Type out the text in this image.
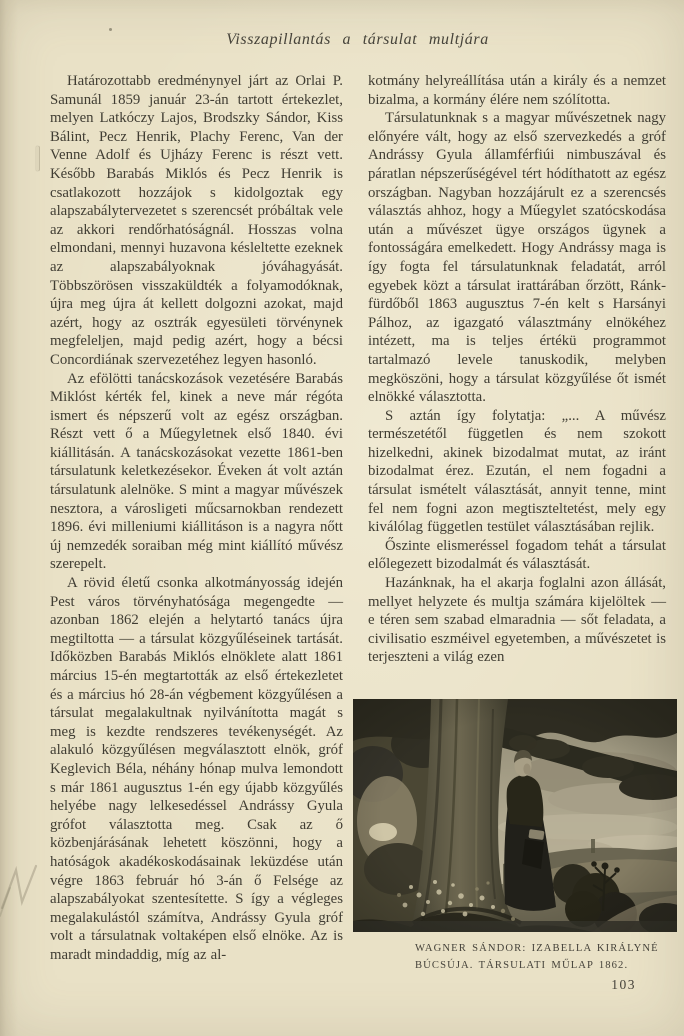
Visszapillantás a társulat multjára

Határozottabb eredménynyel járt az Orlai P. Samunál 1859 január 23-án tartott értekezlet, melyen Latkóczy Lajos, Brodszky Sándor, Kiss Bálint, Pecz Henrik, Plachy Ferenc, Van der Venne Adolf és Ujházy Ferenc is részt vett. Később Barabás Miklós és Pecz Henrik is csatlakozott hozzájok s kidolgoztak egy alapszabálytervezetet s szerencsét próbáltak vele az akkori rendőrhatóságnál. Hosszas volna elmondani, mennyi huzavona késleltette ezeknek az alapszabályoknak jóváhagyását. Többszörösen visszaküldték a folyamodóknak, újra meg újra át kellett dolgozni azokat, majd azért, hogy az osztrák egyesületi törvénynek megfeleljen, majd pedig azért, hogy a bécsi Concordiának szervezetéhez legyen hasonló.

Az efölötti tanácskozások vezetésére Barabás Miklóst kérték fel, kinek a neve már régóta ismert és népszerű volt az egész országban. Részt vett ő a Műegyletnek első 1840. évi kiállitásán. A tanácskozásokat vezette 1861-ben társulatunk keletkezésekor. Éveken át volt aztán társulatunk alelnöke. S mint a magyar művészek nesztora, a városligeti műcsarnokban rendezett 1896. évi milleniumi kiállitáson is a nagyra nőtt új nemzedék soraiban még mint kiállító művész szerepelt.

A rövid életű csonka alkotmányosság idején Pest város törvényhatósága megengedte — azonban 1862 elején a helytartó tanács újra megtiltotta — a társulat közgyűléseinek tartását. Időközben Barabás Miklós elnöklete alatt 1861 március 15-én megtartották az első értekezletet és a március hó 28-án végbement közgyűlésen a társulat megalakultnak nyilvánította magát s meg is kezdte rendszeres tevékenységét. Az alakuló közgyűlésen megválasztott elnök, gróf Keglevich Béla, néhány hónap mulva lemondott s már 1861 augusztus 1-én egy újabb közgyűlés helyébe nagy lelkesedéssel Andrássy Gyula grófot választotta meg. Csak az ő közbenjárásának lehetett köszönni, hogy a hatóságok akadékoskodásainak leküzdése után végre 1863 február hó 3-án ő Felsége az alapszabályokat szentesítette. S így a végleges megalakulástól számítva, Andrássy Gyula gróf volt a társulatnak voltaképen első elnöke. Az is maradt mindaddig, míg az al-

kotmány helyreállítása után a király és a nemzet bizalma, a kormány élére nem szólította.

Társulatunknak s a magyar művészetnek nagy előnyére vált, hogy az első szervezkedés a gróf Andrássy Gyula államférfiúi nimbuszával és páratlan népszerűségével tért hódíthatott az egész országban. Nagyban hozzájárult ez a szerencsés választás ahhoz, hogy a Műegylet szatócskodása után a művészet ügye országos ügynek a fontosságára emelkedett. Hogy Andrássy maga is így fogta fel társulatunknak feladatát, arról egyebek közt a társulat irattárában őrzött, Ránk-fürdőből 1863 augusztus 7-én kelt s Harsányi Pálhoz, az igazgató választmány elnökéhez intézett, ma is teljes értékü programmot tartalmazó levele tanuskodik, melyben megköszöni, hogy a társulat közgyűlése őt ismét elnökké választotta.

S aztán így folytatja: „... A művész természetétől független és nem szokott hizelkedni, akinek bizodalmat mutat, az iránt bizodalmat érez. Ezután, el nem fogadni a társulat ismételt választását, annyit tenne, mint fel nem fogni azon megtiszteltetést, mely egy kiválólag független testület választásában rejlik.

Őszinte elismeréssel fogadom tehát a társulat előlegezett bizodalmát és választását.

Hazánknak, ha el akarja foglalni azon állását, mellyet helyzete és multja számára kijelöltek — e téren sem szabad elmaradnia — sőt feladata, a civilisatio eszméivel egyetemben, a művészetet is terjeszteni a világ ezen

WAGNER SÁNDOR: IZABELLA KIRÁLYNÉ BÚCSÚJA. TÁRSULATI MŰLAP 1862.
103
